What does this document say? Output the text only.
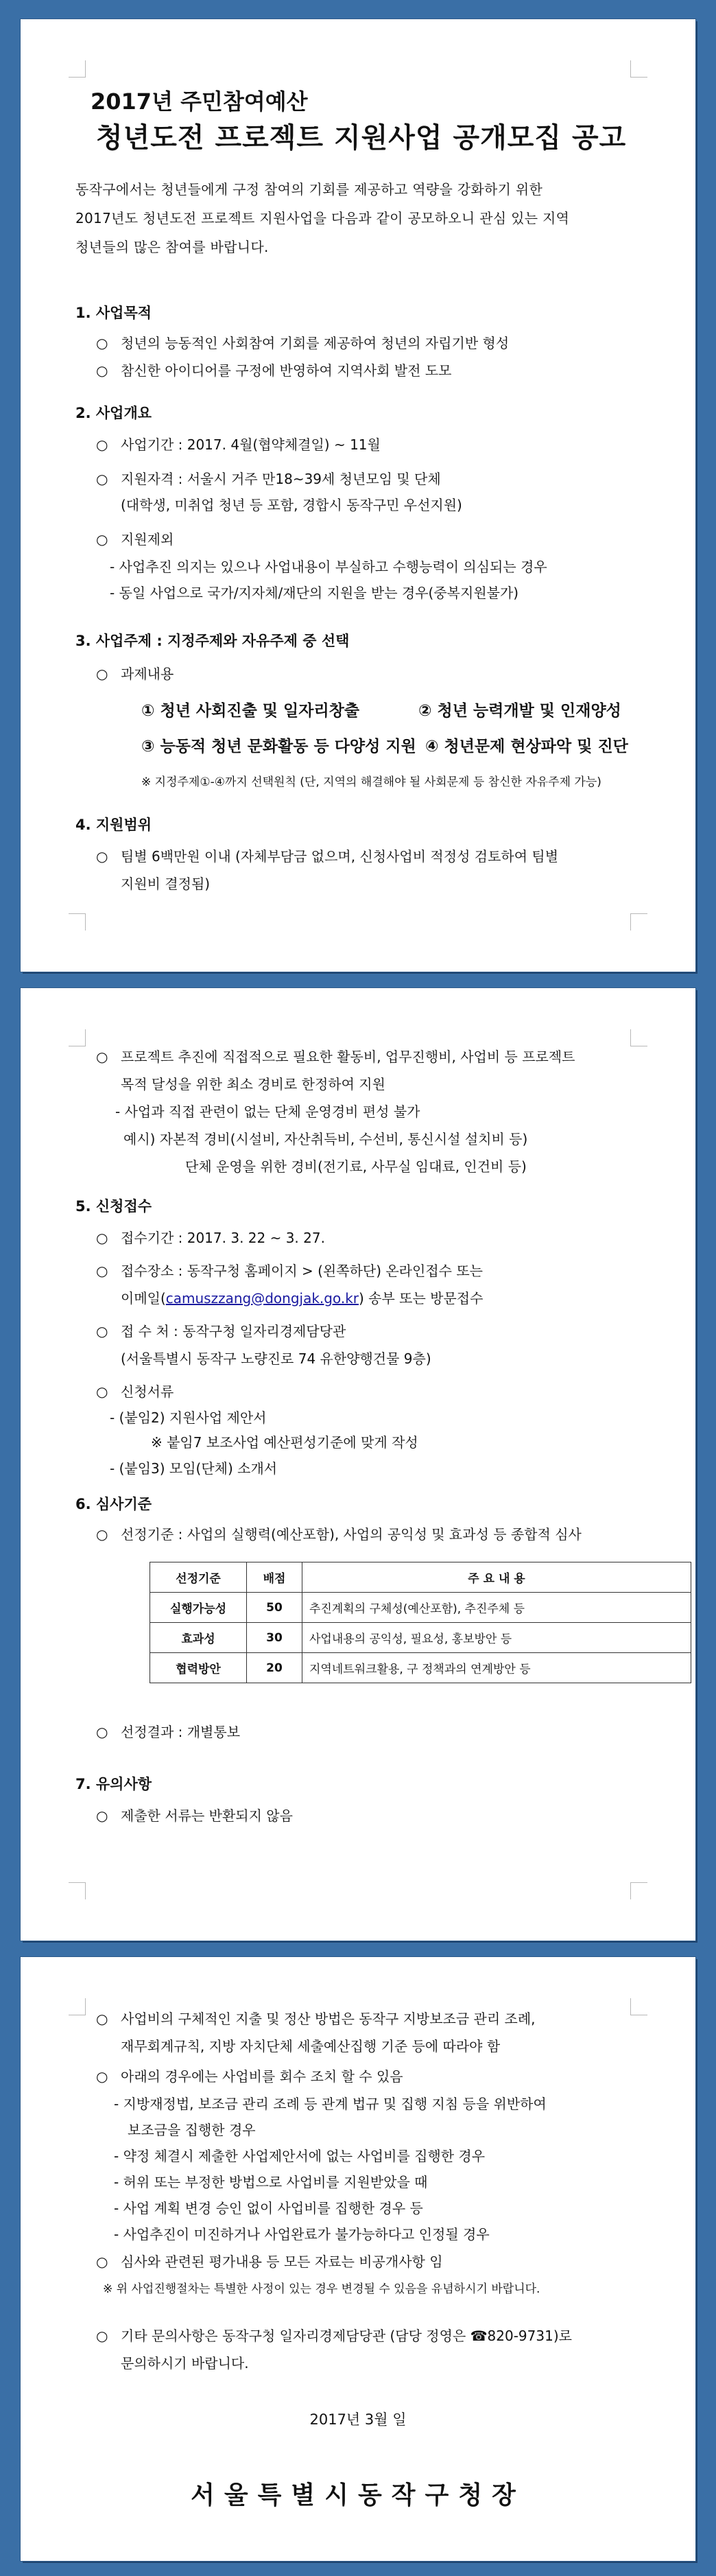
2017년 주민참여예산
청년도전 프로젝트 지원사업 공개모집 공고
동작구에서는 청년들에게 구정 참여의 기회를 제공하고 역량을 강화하기 위한
2017년도 청년도전 프로젝트 지원사업을 다음과 같이 공모하오니 관심 있는 지역
청년들의 많은 참여를 바랍니다.
1. 사업목적
○ 청년의 능동적인 사회참여 기회를 제공하여 청년의 자립기반 형성
○ 참신한 아이디어를 구정에 반영하여 지역사회 발전 도모
2. 사업개요
○ 사업기간 : 2017. 4월(협약체결일) ~ 11월
○ 지원자격 : 서울시 거주 만18~39세 청년모임 및 단체
(대학생, 미취업 청년 등 포함, 경합시 동작구민 우선지원)
○ 지원제외
- 사업추진 의지는 있으나 사업내용이 부실하고 수행능력이 의심되는 경우
- 동일 사업으로 국가/지자체/재단의 지원을 받는 경우(중복지원불가)
3. 사업주제 : 지정주제와 자유주제 중 선택
○ 과제내용
① 청년 사회진출 및 일자리창출	② 청년 능력개발 및 인재양성
③ 능동적 청년 문화활동 등 다양성 지원 ④ 청년문제 현상파악 및 진단
※ 지정주제①-④까지 선택원칙 (단, 지역의 해결해야 될 사회문제 등 참신한 자유주제 가능)
4. 지원범위
○ 팀별 6백만원 이내 (자체부담금 없으며, 신청사업비 적정성 검토하여 팀별
지원비 결정됨)
○ 프로젝트 추진에 직접적으로 필요한 활동비, 업무진행비, 사업비 등 프로젝트
목적 달성을 위한 최소 경비로 한정하여 지원
- 사업과 직접 관련이 없는 단체 운영경비 편성 불가
예시) 자본적 경비(시설비, 자산취득비, 수선비, 통신시설 설치비 등)
단체 운영을 위한 경비(전기료, 사무실 임대료, 인건비 등)
5. 신청접수
○ 접수기간 : 2017. 3. 22 ~ 3. 27.
○ 접수장소 : 동작구청 홈페이지 > (왼쪽하단) 온라인접수 또는
이메일(camuszzang@dongjak.go.kr) 송부 또는 방문접수
○ 접 수 처 : 동작구청 일자리경제담당관
(서울특별시 동작구 노량진로 74 유한양행건물 9층)
○ 신청서류
- (붙임2) 지원사업 제안서
※ 붙임7 보조사업 예산편성기준에 맞게 작성
- (붙임3) 모임(단체) 소개서
6. 심사기준
○ 선정기준 : 사업의 실행력(예산포함), 사업의 공익성 및 효과성 등 종합적 심사
선정기준	배점	주 요 내 용
실행가능성	50	추진계획의 구체성(예산포함), 추진주체 등
효과성	30	사업내용의 공익성, 필요성, 홍보방안 등
협력방안	20	지역네트워크활용, 구 정책과의 연계방안 등
○ 선정결과 : 개별통보
7. 유의사항
○ 제출한 서류는 반환되지 않음
○ 사업비의 구체적인 지출 및 정산 방법은 동작구 지방보조금 관리 조례,
재무회계규칙, 지방 자치단체 세출예산집행 기준 등에 따라야 함
○ 아래의 경우에는 사업비를 회수 조치 할 수 있음
- 지방재정법, 보조금 관리 조례 등 관계 법규 및 집행 지침 등을 위반하여
보조금을 집행한 경우
- 약정 체결시 제출한 사업제안서에 없는 사업비를 집행한 경우
- 허위 또는 부정한 방법으로 사업비를 지원받았을 때
- 사업 계획 변경 승인 없이 사업비를 집행한 경우 등
- 사업추진이 미진하거나 사업완료가 불가능하다고 인정될 경우
○ 심사와 관련된 평가내용 등 모든 자료는 비공개사항 임
※ 위 사업진행절차는 특별한 사정이 있는 경우 변경될 수 있음을 유념하시기 바랍니다.
○ 기타 문의사항은 동작구청 일자리경제담당관 (담당 정영은 ☎820-9731)로
문의하시기 바랍니다.
2017년 3월 일
서울특별시동작구청장
